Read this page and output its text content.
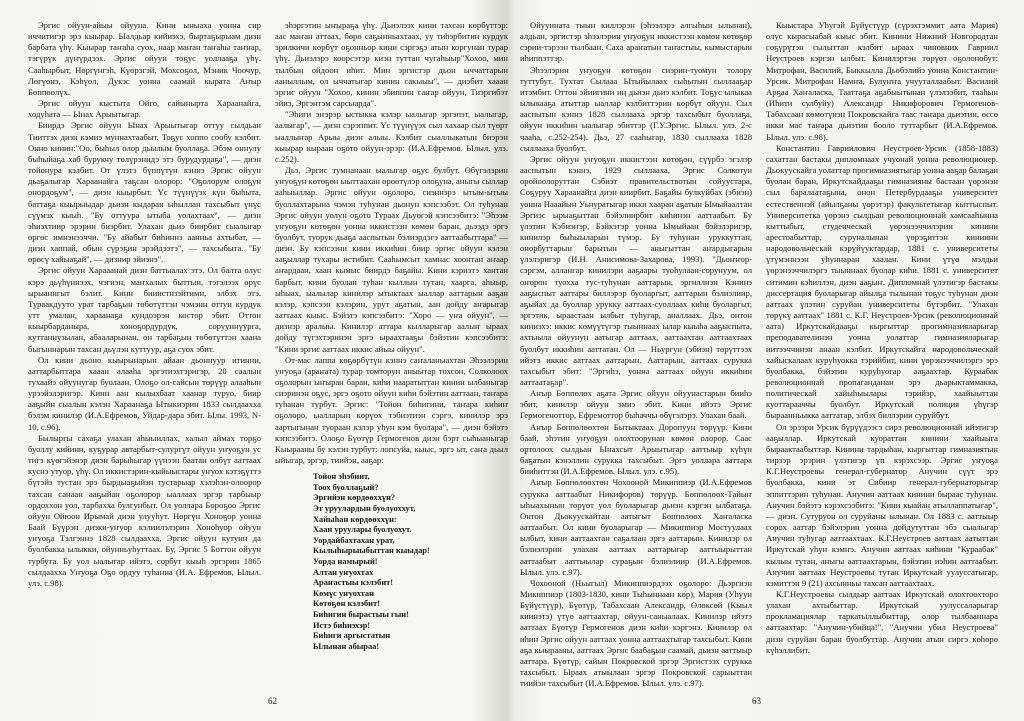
Эргис ойуун-айыы ойууна. Кини ыныаха уонна сир иччитигэр эрэ кыырар. Ыалдьар кийиэхэ, быртаҕырыам дизн барбата үһү. Кыырар таҥаһа суох, наар маҥан таҥаһы таҥнар, тэгүрүк дүҥүрдээх. Эргис ойуун тоҕус уоллааҕа үһү. Сааһырбыт, Нөргүнгэһ, Күөрэгэй, Мохсоҕол, Мэник Чоочур, Лөгүөнэ, Кэһүөл, Дукэс уонна саамай кырата Аҥыр Бөппөөлүх.

Эргис ойуун кыстыта Ойго, сайынырта Хараанайга, ходуһата — Ынах Арыытыгар.

Биирдэ Эргис ойуун Ынах Арыытыгар оттуу сылдьан Тииттэх дизн кэмиэ муннахтаабыт. Тоҕус хоппо сообу кэлбит. Онно кинин:"Оо, быһыл олор дьылым буоллаҕа. Эбэм оннулу быһыйаҕа хаб бурукчу төлүрэнидэ этэ бурудурдаҕа", — диэн тойонура кэлбит. От үлэтэ бүппүтүн кэннэ Эргис ойуун дьаҕалыгар Хараанайга таҕсан олорор: "Оҕолорум олоҕун онордоҕум", — диэн кыырбыт. Үс түүнүүэх күн быһыта, баттаҕа кыырыыдар дьизн кыдаран ыһыллан тахсыбыт үнүс сүүмэх кыыһ. "Бу оттуура ытыба уолахтаах", — диэн эһиэхтиир эрэрин биэрбит. Улахан дьиэ биирбит сыалыгар өргөс имнэнээччи. "Бу айабыт биһиннэ аанньа ахтыбат, — диэн хаппай, обын сүрэҕин эрэйдээтэ", — тахсыбыта. "Бу өрөсү хайыаҕай", — дизнир эйиэнэ".

Эргис ойуун Харааанай дизн баттыалах этэ. Ол балта олус кэрэ дьүһүннээх, чэгиэн, маҥхалых быттын, тэгэлээх өрүс ырыаннгыт бэлит. Кинн бииистнзэйтимн, элбэх этэ. Тураакдууто урат тарбаҕын төбөтүттэн чэмэнн оттун курдук утт умалан, хараанаҕа кундоэрэн костор эбит. Оттон кыырбарданыра, хоноҕордурдук, сорууннүурга, куттаннузылан, абааларынан, он тарбаҕын төбөтүттэн хаана быгыннарын тахсан дьүлэн куттуур, аҕа суох эбит.

Ол кини дьоно кыырынарын айаан дьоннуур итинни, ааттарбыттара хааан алааһа эргэтиэхтэригэр, 20 саалын тухаайэ ойуунугар буолаан. Олоҕо ол-сайсын төрүүр алааһын урээйэлэригэр. Кинн аан кылыхбаат хаанар туруо, биир ааҕыйн сыалын кэлэн Хараанаҕа Ытыкиэрин 1833 сылдаахха бэлэм кинилэр (И.А.Ефремов, Уйдар-дара эбит. Ылы. 1993, N-10, с.96).

Былыргы сахаҕа улахан аһыыиллах, халыл аймах торҕо буоллу кийинн, куҕурар автарбыт-сулургүт ойуун уҥуоҕун ус тигэ күөгэйэнэр диэн барыһыгар үүнээн баатан өлбүт ааттаах куснэ утуор, үһү. Ол иккистэрин-кыйыыстары уҥуох кэтэҕүттэ бүтэйэ тустан эрэ бырдыаҕыйэн тустарыар хэлэһэн-олоорор тахсан санаан ааҕыйан оҕолорор ыаллаах эргэр тарбыыр ордоххон уол, тарбахха булгунбыт. Ол уоллара Бороҕоо Эргис ойуун Ойюон Ирымай диэн улууһут. Нөргүн Хоноҕор уонна Баай Бүүрэн диэки-уҥуор кэлиилэлэрин Хоноһуор ойуун уҥуоҕа Тэлгэннэ 1828 сылдаахха, Эргис ойуун кутунн да буолбакка ылыкки, ойунньуһуттаах. Бу, Эргис 5 Боттон ойуун турбута. Бу уол ыалыгар ийэтэ, сорбут кыыһ эргэрин 1865 сылдаахха Уҥуоҕа Оҕо ордуу туһанна (И.А. Ефремов, Ылыл. улэ. с.98).

эһэргэтин ыҥыраҕа үһү. Дьиэлээх кини тахсан көрбүттэр: аас маҥан аттаах, бөрө саҕынньахтаах, уу тиһэрбитин курдук эрилкичи көрбүт оҕонньор кини сэргэҕэ атын коргунан турар үһү. Дьиэлэрэ коорсэтэр киэн туттан чугаһыыр"Хохоо, мин тылбын ойдоон иһит. Мин эргистэр дьон ыччаттарын ааныллым, ол ыччатыгар кинин сакыыы", — диэбит хааан эргис ойуун "Хохоо, кинин эбиппин саҥар ойуун, Тиэргибэт эйиэ, Эргэнтэм сарсыарда".

"Эһиги эҥэрэр ыстыкка кэлэр ыалыгар эргэпэт, ыалыгар, аалыгар", — дизн сэрэппит. Үс түүнүүэх сыл хахаар сыл түөрт ыаллыҥар Арыы диэн алыы. Кэлбит сыаллыкатын биэрэн кыырар кыраан оҕото ойуун-эрэр: (И.А.Ефремов. Ылыл. улэ. с.252).

Дьэ, Эргис тумнанаан ыалыгар оҕус булбут. Өбүгэлэрин уҥуоҕун көтөҕөн ыыттаахан өрөөтүлэр олоҕуна, аныгы сыллар ааһыыллар. Эргис ойуун оҕолоро, сиэннэрэ ытыы-ытыы буоллахтарына чэмэн туһунан дьонун кэпсээбэт. Ол туһунан Эргис ойуун уолун оҕото Тураах Дьуөгэй кэпсээбитэ: "Эһээм уҥуоҕун көтөҕөн уонна иккистээн көмөн баран, дьээдэ эргэ буолбут, туорук дьаҕа ааспытын бэлиэрдэгэ ааттаабыттара" — диэн. Бу кэпсээни кини иккиһин биир эргис ойуун кэлэн ааҕыллар тухары истибит. Сааһымсыт хамнас хоонтан аҥаар аҥардаан, хаан кымыс биирдэ баҕайы. Кини кэриэтэ хантан барбыт, кини буолан туһан кыллын тутан, хаарга, аһыыр, ыһыах, ыалылар кинилэр ытыктаах ыаллар ааттарын ааҕан кэлэр, кэпсээн кэлэрин, урут аҕатын, аан дойду аҥарыгар ааттаах кыыс. Бэйэтэ кэпсээбитэ: "Хоро — уҥа ойуун", — дизнэр аралыы. Кинилэр аттара кылларыгар аалыҥ ыраах дойду түгэхтэринэн эргэ ыраахтааҕы бэйэтин кэпсээбитэ: "Кини эргис ааттаах иккис айыы ойуун".

От-мас лаппа көҕөрбүтүн кэннэ саҥаланыахтан Эһээлэрин уҥуоҕа (араҥата) турар томторун аныытар тохсон, Солколоох оҕолорын ыҥыран баран, киһи нааратыттан кинин ылбаныгар сиэринэн оҕус, эргэ оҕото ойуун киһи бэйэтин ааттаан, таҥара туһанан турбут. Эргис: "Тойон биһигини, таҥара киһиҥ оҕолоро, ыалларын көрүөх тэбиэтиэн сэргэ, кинилэр эрэ аартыгынан туораан кэлэр уһун кэм буолара", — диэн бэйэтэ кэпсээбитэ. Олоҕо Бүөтүр Гермогенов диэн бэрт сыһыаныгар Кыырааны бу кэлэн турбут: лопсуйа, кыыс, эргэ ыт, саҥа дьыл ыйыгар, эргэр, тиийэн, ааҕар:

Тойон эһэбиит,
Тоох буоллаҕый?
Эргийэн көрдөөххүн?
Эт уруулардын буолуоххут,
Хайыһан көрдөөххүн:
Хаан уруулары буолуохут.
Уордайбахтахан урат,
Кылыһырыыбыттан кыыдар!
Уорда намырый!
Алтан уҥуохтах
Араҥастыы кэлэбит!
Көмүс уҥуохтан
Көтөҕөн кэлэбит!
Биһигин бырастыы гын!
Истэ биһиэхэр!
Биһиги аргыстатын
Ылынан абыраа!
62

Ойуунната тыын киллэрэн (эһээлэрэ алгыһын ылынан), алдьан, эргистэр эһээлэрин уҥуоҕун иккистээн көмөн көтөҕөр сэрии-тэрээн тылбаан. Саха араҥатын таҥастыы, кымыстарын иһиппэттэр.

Эһээлэрин уҥуоҕун көтөҕөн сиэрин-туомун толору туттубут. Тухтат Сылааа Ытыйылаах сыһытын сыллааҕар итэмбит. Оттон эйиигини иң дьиэн дьиэ кэлбит. Тоҕус ылыкаа ылыкааҕа атыттар ыаллар кэлбиттэрин көрбүт ойуун. Сыл ааспытын кэннэ 1828 сыллааха эргэр тахсыбыт буоллаҕа, ойуун иккиһин ыалыгар эбиттэр (Г.У.Эргис. Ылыл. улэ. 2-с чааһа, с.252-254). Дьэ, 27 сааһыгар, 1830 сыллааха 1828 сыллааха буолбут.

Эргис ойуун уҥуоҕун иккистээн көтөҕөн, сүүрбэ эгэлэр ааспытын кэннэ, 1929 сыллааха, Эргис Солкотун оройоолоруттан Сэбиэт правительствотын сойуустара, Соҕуруу Хараанайга диэн киирбит. Баҕайы булкуйбах (эбиэн) уонна Нааайын Уьнуратыгар икки хааран аҕатын Ымыйаалтан Эргиэс ырыаҕыттан бэйэлиирбит киһинэн ааттаабыт. Бу үлэтин Кэбиэҥэр, Бэйкэтэр уонна Ымыйаан бэйэлэригэр, кинилэр быһыыларын түмэр. Бу туһунан уруккуттан, онорбуттарын барытын — аныгыттан аҥардыгарын үлэлэригэр (И.Н. Анисимова-Захарова, 1993). "Дьоҥҥор-сэргэм, аллангар кинилэри ааҕаары туоһулаан-сорунуум, ол оҥорон туохха тус-туһунан ааттарын, эргиллиэн Кэнинэ ааҕыспыт ааттары биллэрэр буоларгыт, ааттарын бэлиэлиир, аҕыйах да буоллар урукку ааттаах-суоллаах киһи буоларгыт, эргэтик, ыраастаан ылбыт туһугар, аналлаах. Дьэ, онтон киниэхэ: иккис көмүүтүгэр тыыннаах ылар кыыһа ааҕыспыта, ахтыыла ойуунун аатыгар ааттаах, ааттаахтан ааттаахтаах буолбут иккиһин ааттатан. Ол — Ньургун (эбиэн) төрүттээх ийэтэ иккис ааттаах ааттарын. Ааттарын, ааттаах сурукка тахсыбыт эбит: "Эргиһэ, уонна ааттаах ойуун иккиһин ааттаатаҕар".

Аҥыр Бөппөлөх аҕата Эргис ойуун ойуунастарын бииһэ эбит, кинилэр ойуун эмиэ эбит. Кини ийэтэ Эргис Гермогеноттор, Ефремоттор быһаччы өбүгэлэрэ. Улахан баай.

Аҥыр Бөппөлөөхтөн Бытыктаах Доропуун төрүүр. Кини баай, эһэтин уҥуоҕун олохтоорунан көмөн олорор. Саас ортолоох сылдьан Ынахсыт Арыытыгар ааттыыр күһүн баҕатын кэнэллин сурукка тахсыбыт. Эргэ уоллара ааттара бииһиттэн (И.А.Ефремов. Ылыл. улэ. с.95).

Аҥыр Бөппөлөөхтөн Чохооной Микиппиэр (И.А.Ефремов сурукка ааттаабыт Никифоров) төрүүр. Бөппөлөөх-Тайыҥ ыһыахынын төрүөт уол буоларыгар дьизн кэргэн ылбатаҕа. Онтон Дьокуускайтан аатыгыт Бөппөлөөх Хаҥаласка ааттаабыт. Ол кини буоларыгар — Микиппиэр Мостуулаах ылбыт, кини ааттаахтан саҕалаан эргэ ааттарын. Кинилэр ол бэлиэлэрин улахан ааттаах ааттарыгар ааттыырыттан ааттаабыт ааттыылар сураҕын бэлиэлиир (И.А.Ефремов. Ылыл. улэ. с.97).

Чохооной (Ньыгыл) Микиппиэрдээх оҕолоро: Дьэргиэн Микиппиэр (1803-1830, кини Тыһыннаан көр), Мария (Уһуун Бүйүстүүр), Бүөтүр, Табахсаан Александр, Өлөксөй (Кыыл киинэтэ) үтүө ааттаахтар, ойуун-саныалаах. Кинилэр ийэтэ ааттаах Бүөтүр Гермогенов диэн киһи кэргэнэ. Кинилэр ол иһин Эргис ойуун ааттаах уонна ааттаахтыгар тахсыбыт. Кини аҕа кыырааны, ааттаах Эргис баабаҕын саамай, дьизн ааттыыр ааттара. Бүөтүр, сайын Покровской эргэр Эргистээх сурукка тахсыбыт. Ыраах атыылаан эргэр Покровской сарыыттан тиийэн тахсыбыт (И.А.Ефремов. Ылыл. улэ. с.97).

Кыыстара Уһугэй Бүйүстүүр (сүрэхтэммит аата Мария) олус кырасыабай кыыс эбит. Кинини Нижний Новгородтан сөҕүрүтэн сылыттан кэлбит ыраах чиновник Гавриил Неустроев кэргэн ылбыт. Кинилэртэн төрүөт оҕолонобут: Митрофан, Василий, Быккылла Дьөбэлийэ уонна Константин-Урсик. Митрофан Намҥа, Булуҥҥа учууталлаабыт. Василий Арҕаа Хаҥаласка, Тааттаҕа аҕабыытынан үлэлээбит, тааһын (Иһити сулбуйу) Александр Никифорович Гермогенов-Табахсаан көмөтүнэн Покровскайга таас таҥара дьиэтин, өссө икки мас таҥара дьиэтин бооло туттарбыт (И.А.Ефремов. Ылыл. улэ. с.98).

Константин Гавриилович Неустроев-Урсик (1858-1883) сахаттан бастакы дипломнаах учуонай уонна революционер. Дьокуускайга уолаттар прогимназиятыгар уонна ааҕар балаҕан буолан баран, Иркутскайдааҕы гимназияны бастаан үөрэнэн сыл баралаатаҕына, онон Петербурдааҕы университет естественнэй (айылҕаны үөрэтэр) факультетыгар кыттыспыт. Университетка үөрэнэ сылдьан революционнай хамсааһынна кыттыбыт, студенческай үөрэнээччилэрин кинини арестоабыттар, суруналынан үөрэҕиттэн киниини народовольческай кэрүйүуктардар, 1881 с. университеты үтүмэннээн уһуннаран хаалан. Кини үтүө мэлдьи үөрэнээччилэргэ тыыннаах буолар киһи. 1881 с. университет ситимин кэһиллэн, диэн ааҕыҥ. Дипломнай үлэтигэр бастакы диссертация буоларыгар айылҕа тылынан тоҕус туһунан диэн ааттаах үлэтин суруйан университеты бүтэрбит. "Улахан төрүкү ааттаах" 1881 с. К.Г. Неустроев-Урсик (революционнай аата) Иркутскайдааҕы кыргыттар прогимназияларыгар преподавателинэн уонна уолаттар гимназияларыгар иитээччинэн анаан кэлбит. Иркутскайга народовольческай хайыскалаах куруһуокка тэрийбит, кини үөрэнээччилэргэ эрэ буолбакка, бэйэтин куруһуогар ааҕаахтар. Кураабак революционнай пропаганданан эрэ дьарыктаммакка, политическай хайыһыылары тэрийэр, хаайыыттан куоттарааччы буолбут. Иркутскай полиция үһүгэр быраанньыкка ааттатар, элбэх биллэрии суруйбут.

Ол эрээри Урсик бүрүүдээсэ сирэ революционнай ийэтигэр ааҕыллар. Иркутскай куораттан кинини хаайыыга быраактаабыттар. Кинини тардыһан, кыргыттар гимназиятын тирээр эрэрин үлэтигэр үп кэрэхсээр. Эргис уҥуоҕа К.Г.Неустроевы генерал-губернатор Анучин сүүт эрэ буолбакка, кини эт Сибиир генерал-губернаторыгар эппиттэрин туһунан. Анучин ааттаах кинини быраас туһунан. Анучин бэйэтэ кэрэхсээбитэ: "Кини кыайан атыллаппатыгар", — диэн. Сутуруон ол суруйаны ылынан. Ол 1883 с. ааттыыр сорох ааттар бэйэлэрин уонна дойдутуттан эбэ сыалыгар Анучин туһугар ааттаахтаах. К.Г.Неустроев ааттаах аатыттан Иркутскай уһун кэмҥэ. Анучин ааттаах киһини "Кураабак" кылыы тутан, аныгы ааттаахтарын, бэйэтин иэһин ааттаабыт. Анучин ааттаах Неустроевы тутан Иркутскай уулуссатыгар, кэмиттэн 9 (21) ахсынньы тахсан ааттаахтаах.

К.Г.Неустроевы сылдьар ааттаах Иркутскай олохтоохторо улахан ахтыбыттар. Иркутскай уулуссаларыгар прокламациялар таркатыллыбыттар, олор тылбааннара ааттаахтар: "Анучин-убийца!", "Анучин убил Неустроева" дизн суруйан баран буолбуттар. Анучин атын сиргэ көһөрө күһэллибит.

63
